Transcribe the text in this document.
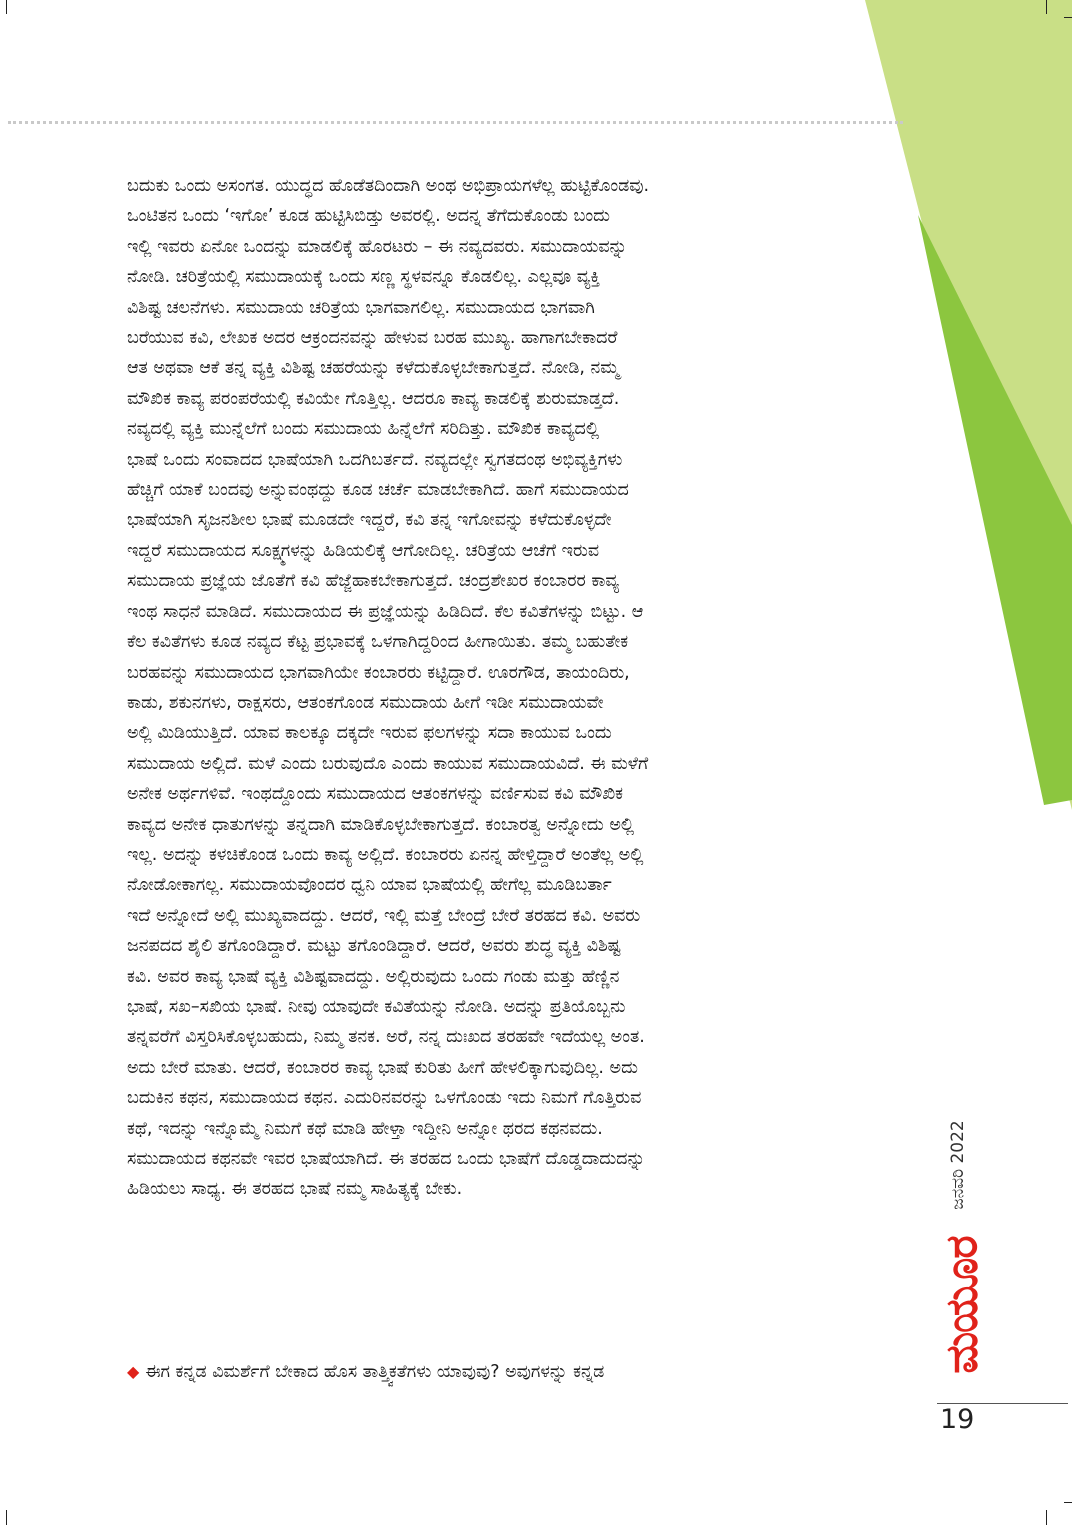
ಬದುಕು ಒಂದು ಅಸಂಗತ. ಯುದ್ಧದ ಹೊಡೆತದಿಂದಾಗಿ ಅಂಥ ಅಭಿಪ್ರಾಯಗಳೆಲ್ಲ ಹುಟ್ಟಿಕೊಂಡವು.
ಒಂಟಿತನ ಒಂದು ‘ಇಗೋ’ ಕೂಡ ಹುಟ್ಟಿಸಿಬಿಡ್ತು ಅವರಲ್ಲಿ. ಅದನ್ನ ತೆಗೆದುಕೊಂಡು ಬಂದು
ಇಲ್ಲಿ ಇವರು ಏನೋ ಒಂದನ್ನು ಮಾಡಲಿಕ್ಕೆ ಹೊರಟರು – ಈ ನವ್ಯದವರು. ಸಮುದಾಯವನ್ನು
ನೋಡಿ. ಚರಿತ್ರೆಯಲ್ಲಿ ಸಮುದಾಯಕ್ಕೆ ಒಂದು ಸಣ್ಣ ಸ್ಥಳವನ್ನೂ ಕೊಡಲಿಲ್ಲ. ಎಲ್ಲವೂ ವ್ಯಕ್ತಿ
ವಿಶಿಷ್ಟ ಚಲನೆಗಳು. ಸಮುದಾಯ ಚರಿತ್ರೆಯ ಭಾಗವಾಗಲಿಲ್ಲ. ಸಮುದಾಯದ ಭಾಗವಾಗಿ
ಬರೆಯುವ ಕವಿ, ಲೇಖಕ ಅದರ ಆಕ್ರಂದನವನ್ನು ಹೇಳುವ ಬರಹ ಮುಖ್ಯ. ಹಾಗಾಗಬೇಕಾದರೆ
ಆತ ಅಥವಾ ಆಕೆ ತನ್ನ ವ್ಯಕ್ತಿ ವಿಶಿಷ್ಟ ಚಹರೆಯನ್ನು ಕಳೆದುಕೊಳ್ಳಬೇಕಾಗುತ್ತದೆ. ನೋಡಿ, ನಮ್ಮ
ಮೌಖಿಕ ಕಾವ್ಯ ಪರಂಪರೆಯಲ್ಲಿ ಕವಿಯೇ ಗೊತ್ತಿಲ್ಲ. ಆದರೂ ಕಾವ್ಯ ಕಾಡಲಿಕ್ಕೆ ಶುರುಮಾಡ್ತದೆ.
ನವ್ಯದಲ್ಲಿ ವ್ಯಕ್ತಿ ಮುನ್ನೆಲೆಗೆ ಬಂದು ಸಮುದಾಯ ಹಿನ್ನೆಲೆಗೆ ಸರಿದಿತ್ತು. ಮೌಖಿಕ ಕಾವ್ಯದಲ್ಲಿ
ಭಾಷೆ ಒಂದು ಸಂವಾದದ ಭಾಷೆಯಾಗಿ ಒದಗಿಬರ್ತದೆ. ನವ್ಯದಲ್ಲೇ ಸ್ವಗತದಂಥ ಅಭಿವ್ಯಕ್ತಿಗಳು
ಹೆಚ್ಚಿಗೆ ಯಾಕೆ ಬಂದವು ಅನ್ನುವಂಥದ್ದು ಕೂಡ ಚರ್ಚೆ ಮಾಡಬೇಕಾಗಿದೆ. ಹಾಗೆ ಸಮುದಾಯದ
ಭಾಷೆಯಾಗಿ ಸೃಜನಶೀಲ ಭಾಷೆ ಮೂಡದೇ ಇದ್ದರೆ, ಕವಿ ತನ್ನ ಇಗೋವನ್ನು ಕಳೆದುಕೊಳ್ಳದೇ
ಇದ್ದರೆ ಸಮುದಾಯದ ಸೂಕ್ಷ್ಮಗಳನ್ನು ಹಿಡಿಯಲಿಕ್ಕೆ ಆಗೋದಿಲ್ಲ. ಚರಿತ್ರೆಯ ಆಚೆಗೆ ಇರುವ
ಸಮುದಾಯ ಪ್ರಜ್ಞೆಯ ಜೊತೆಗೆ ಕವಿ ಹೆಜ್ಜೆಹಾಕಬೇಕಾಗುತ್ತದೆ. ಚಂದ್ರಶೇಖರ ಕಂಬಾರರ ಕಾವ್ಯ
ಇಂಥ ಸಾಧನೆ ಮಾಡಿದೆ. ಸಮುದಾಯದ ಈ ಪ್ರಜ್ಞೆಯನ್ನು ಹಿಡಿದಿದೆ. ಕೆಲ ಕವಿತೆಗಳನ್ನು ಬಿಟ್ಟು. ಆ
ಕೆಲ ಕವಿತೆಗಳು ಕೂಡ ನವ್ಯದ ಕೆಟ್ಟ ಪ್ರಭಾವಕ್ಕೆ ಒಳಗಾಗಿದ್ದರಿಂದ ಹೀಗಾಯಿತು. ತಮ್ಮ ಬಹುತೇಕ
ಬರಹವನ್ನು ಸಮುದಾಯದ ಭಾಗವಾಗಿಯೇ ಕಂಬಾರರು ಕಟ್ಟಿದ್ದಾರೆ. ಊರಗೌಡ, ತಾಯಂದಿರು,
ಕಾಡು, ಶಕುನಗಳು, ರಾಕ್ಷಸರು, ಆತಂಕಗೊಂಡ ಸಮುದಾಯ ಹೀಗೆ ಇಡೀ ಸಮುದಾಯವೇ
ಅಲ್ಲಿ ಮಿಡಿಯುತ್ತಿದೆ. ಯಾವ ಕಾಲಕ್ಕೂ ದಕ್ಕದೇ ಇರುವ ಫಲಗಳನ್ನು ಸದಾ ಕಾಯುವ ಒಂದು
ಸಮುದಾಯ ಅಲ್ಲಿದೆ. ಮಳೆ ಎಂದು ಬರುವುದೊ ಎಂದು ಕಾಯುವ ಸಮುದಾಯವಿದೆ. ಈ ಮಳೆಗೆ
ಅನೇಕ ಅರ್ಥಗಳಿವೆ. ಇಂಥದ್ದೊಂದು ಸಮುದಾಯದ ಆತಂಕಗಳನ್ನು ವರ್ಣಿಸುವ ಕವಿ ಮೌಖಿಕ
ಕಾವ್ಯದ ಅನೇಕ ಧಾತುಗಳನ್ನು ತನ್ನದಾಗಿ ಮಾಡಿಕೊಳ್ಳಬೇಕಾಗುತ್ತದೆ. ಕಂಬಾರತ್ವ ಅನ್ನೋದು ಅಲ್ಲಿ
ಇಲ್ಲ. ಅದನ್ನು ಕಳಚಿಕೊಂಡ ಒಂದು ಕಾವ್ಯ ಅಲ್ಲಿದೆ. ಕಂಬಾರರು ಏನನ್ನ ಹೇಳ್ತಿದ್ದಾರೆ ಅಂತೆಲ್ಲ ಅಲ್ಲಿ
ನೋಡೋಕಾಗಲ್ಲ. ಸಮುದಾಯವೊಂದರ ಧ್ವನಿ ಯಾವ ಭಾಷೆಯಲ್ಲಿ ಹೇಗೆಲ್ಲ ಮೂಡಿಬರ್ತಾ
ಇದೆ ಅನ್ನೋದೆ ಅಲ್ಲಿ ಮುಖ್ಯವಾದದ್ದು. ಆದರೆ, ಇಲ್ಲಿ ಮತ್ತೆ ಬೇಂದ್ರೆ ಬೇರೆ ತರಹದ ಕವಿ. ಅವರು
ಜನಪದದ ಶೈಲಿ ತಗೊಂಡಿದ್ದಾರೆ. ಮಟ್ಟು ತಗೊಂಡಿದ್ದಾರೆ. ಆದರೆ, ಅವರು ಶುದ್ಧ ವ್ಯಕ್ತಿ ವಿಶಿಷ್ಟ
ಕವಿ. ಅವರ ಕಾವ್ಯ ಭಾಷೆ ವ್ಯಕ್ತಿ ವಿಶಿಷ್ಟವಾದದ್ದು. ಅಲ್ಲಿರುವುದು ಒಂದು ಗಂಡು ಮತ್ತು ಹೆಣ್ಣಿನ
ಭಾಷೆ, ಸಖ–ಸಖಿಯ ಭಾಷೆ. ನೀವು ಯಾವುದೇ ಕವಿತೆಯನ್ನು ನೋಡಿ. ಅದನ್ನು ಪ್ರತಿಯೊಬ್ಬನು
ತನ್ನವರೆಗೆ ವಿಸ್ತರಿಸಿಕೊಳ್ಳಬಹುದು, ನಿಮ್ಮ ತನಕ. ಅರೆ, ನನ್ನ ದುಃಖದ ತರಹವೇ ಇದೆಯಲ್ಲ ಅಂತ.
ಅದು ಬೇರೆ ಮಾತು. ಆದರೆ, ಕಂಬಾರರ ಕಾವ್ಯ ಭಾಷೆ ಕುರಿತು ಹೀಗೆ ಹೇಳಲಿಕ್ಕಾಗುವುದಿಲ್ಲ. ಅದು
ಬದುಕಿನ ಕಥನ, ಸಮುದಾಯದ ಕಥನ. ಎದುರಿನವರನ್ನು ಒಳಗೊಂಡು ಇದು ನಿಮಗೆ ಗೊತ್ತಿರುವ
ಕಥೆ, ಇದನ್ನು ಇನ್ನೊಮ್ಮೆ ನಿಮಗೆ ಕಥೆ ಮಾಡಿ ಹೇಳ್ತಾ ಇದ್ದೀನಿ ಅನ್ನೋ ಥರದ ಕಥನವದು.
ಸಮುದಾಯದ ಕಥನವೇ ಇವರ ಭಾಷೆಯಾಗಿದೆ. ಈ ತರಹದ ಒಂದು ಭಾಷೆಗೆ ದೊಡ್ಡದಾದುದನ್ನು
ಹಿಡಿಯಲು ಸಾಧ್ಯ. ಈ ತರಹದ ಭಾಷೆ ನಮ್ಮ ಸಾಹಿತ್ಯಕ್ಕೆ ಬೇಕು.
◆ ಈಗ ಕನ್ನಡ ವಿಮರ್ಶೆಗೆ ಬೇಕಾದ ಹೊಸ ತಾತ್ತ್ವಿಕತೆಗಳು ಯಾವುವು? ಅವುಗಳನ್ನು ಕನ್ನಡ
ಜನವರಿ 2022
ಮಯೂರ
19
